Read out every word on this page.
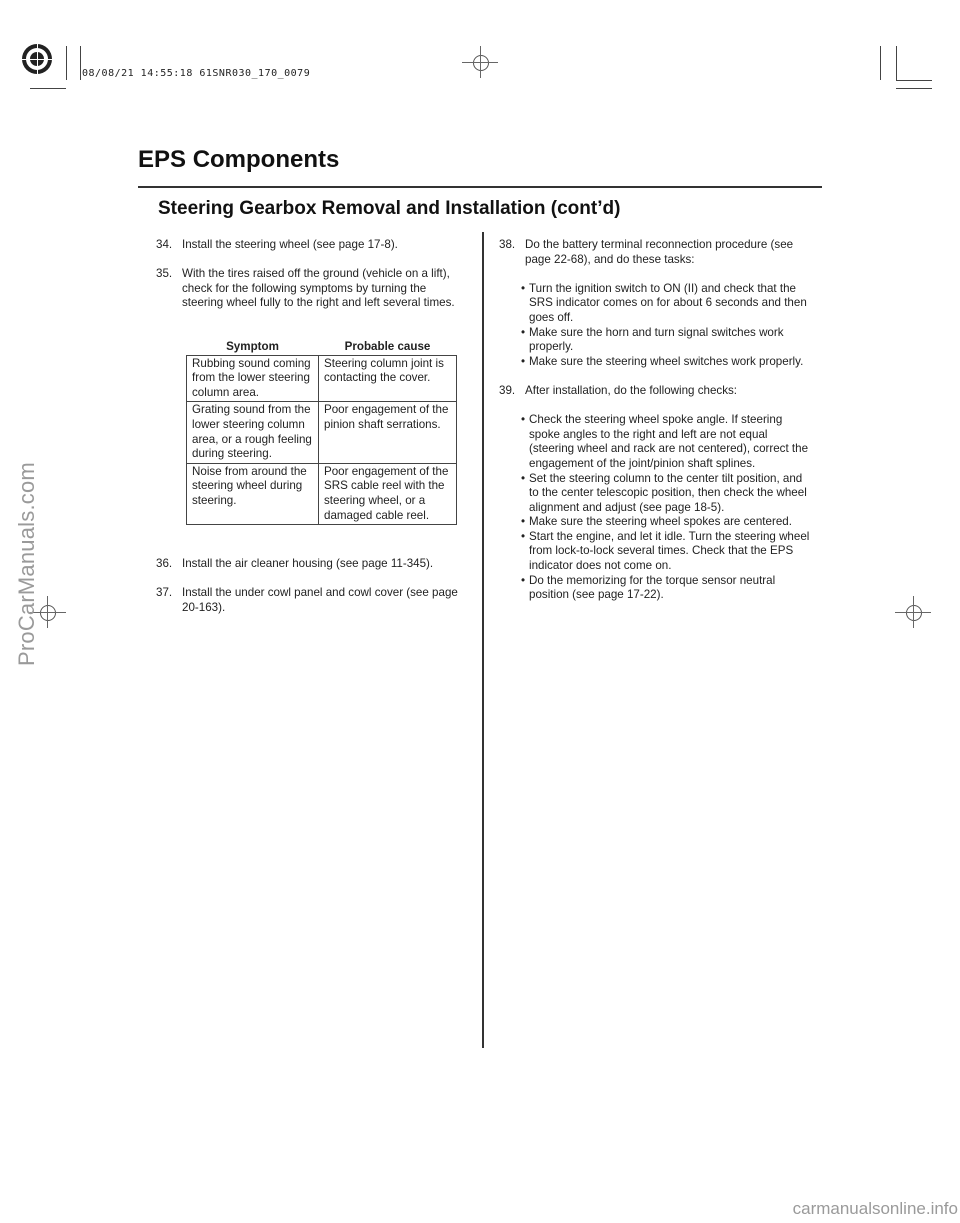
08/08/21 14:55:18 61SNR030_170_0079
EPS Components
Steering Gearbox Removal and Installation (cont’d)
34. Install the steering wheel (see page 17-8).
35. With the tires raised off the ground (vehicle on a lift), check for the following symptoms by turning the steering wheel fully to the right and left several times.
Symptom	Probable cause
Rubbing sound coming from the lower steering column area.	Steering column joint is contacting the cover.
Grating sound from the lower steering column area, or a rough feeling during steering.	Poor engagement of the pinion shaft serrations.
Noise from around the steering wheel during steering.	Poor engagement of the SRS cable reel with the steering wheel, or a damaged cable reel.
36. Install the air cleaner housing (see page 11-345).
37. Install the under cowl panel and cowl cover (see page 20-163).
38. Do the battery terminal reconnection procedure (see page 22-68), and do these tasks:
• Turn the ignition switch to ON (II) and check that the SRS indicator comes on for about 6 seconds and then goes off.
• Make sure the horn and turn signal switches work properly.
• Make sure the steering wheel switches work properly.
39. After installation, do the following checks:
• Check the steering wheel spoke angle. If steering spoke angles to the right and left are not equal (steering wheel and rack are not centered), correct the engagement of the joint/pinion shaft splines.
• Set the steering column to the center tilt position, and to the center telescopic position, then check the wheel alignment and adjust (see page 18-5).
• Make sure the steering wheel spokes are centered.
• Start the engine, and let it idle. Turn the steering wheel from lock-to-lock several times. Check that the EPS indicator does not come on.
• Do the memorizing for the torque sensor neutral position (see page 17-22).
ProCarManuals.com
carmanualsonline.info
